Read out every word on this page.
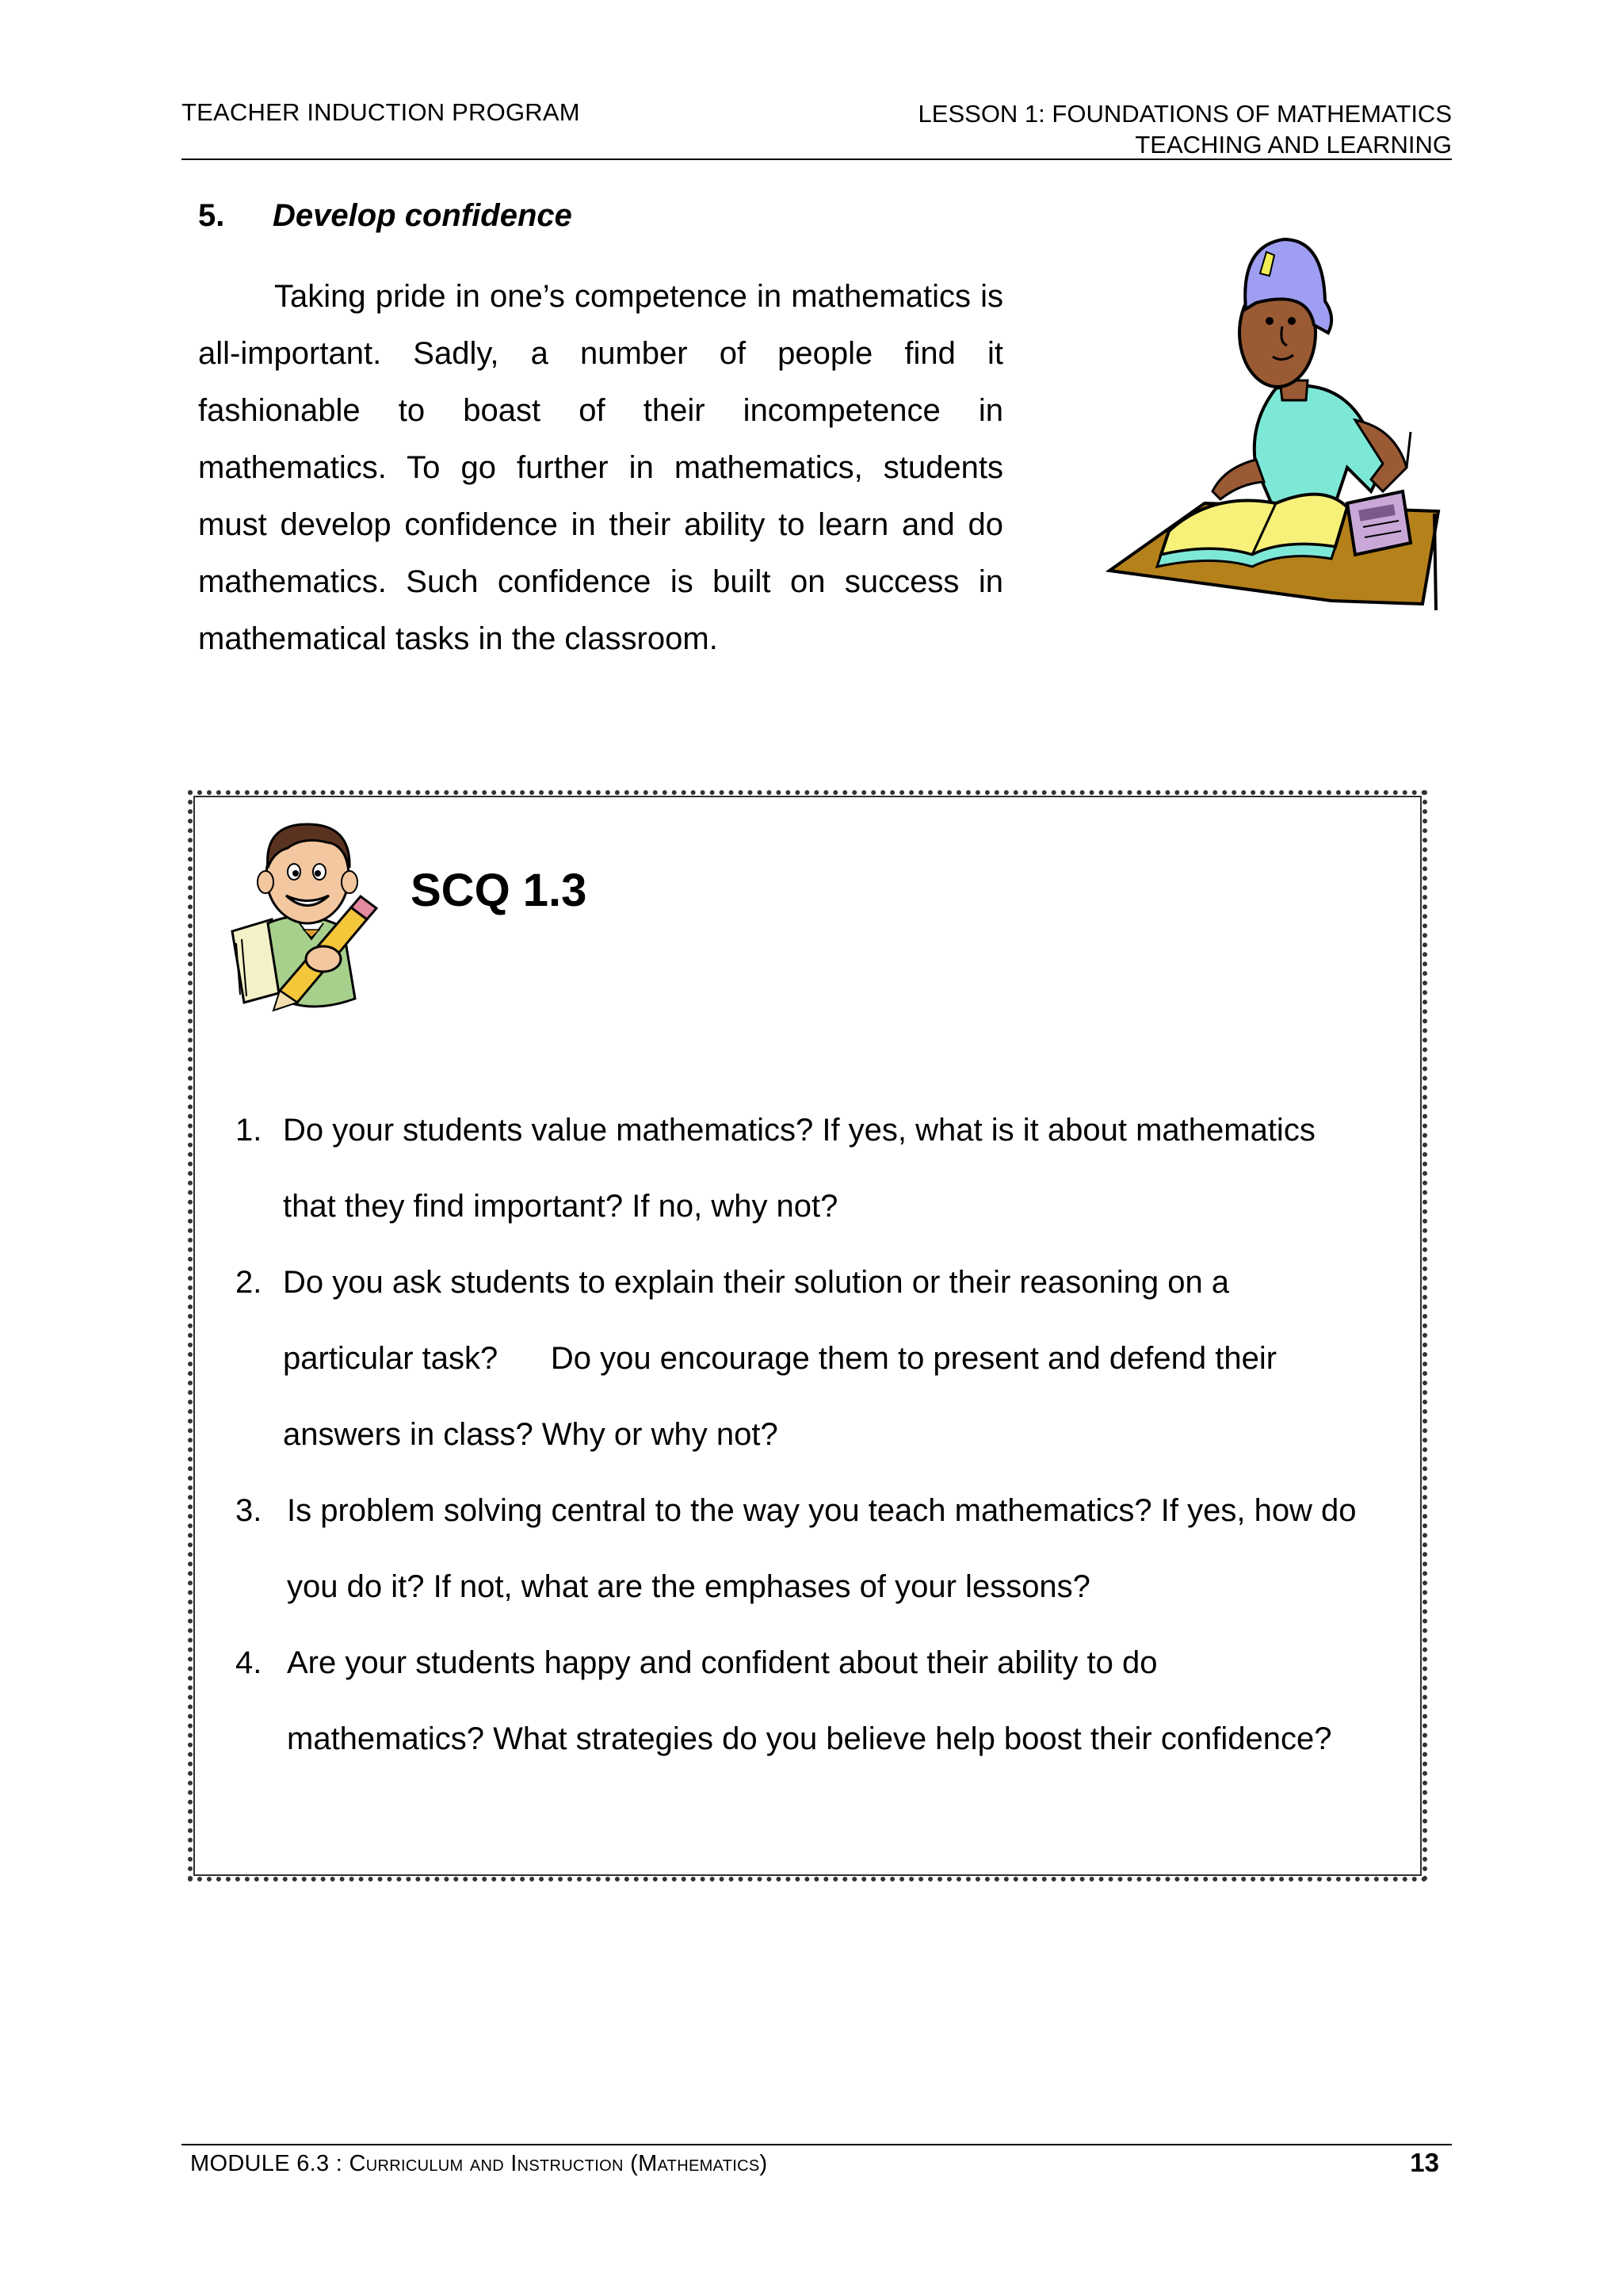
TEACHER INDUCTION PROGRAM	LESSON 1: FOUNDATIONS OF MATHEMATICS
TEACHING AND LEARNING
5. Develop confidence

Taking pride in one’s competence in mathematics is all-important. Sadly, a number of people find it fashionable to boast of their incompetence in mathematics. To go further in mathematics, students must develop confidence in their ability to learn and do mathematics. Such confidence is built on success in mathematical tasks in the classroom.

SCQ 1.3
1. Do your students value mathematics? If yes, what is it about mathematics
that they find important? If no, why not?
2. Do you ask students to explain their solution or their reasoning on a
particular task?      Do you encourage them to present and defend their
answers in class? Why or why not?
3. Is problem solving central to the way you teach mathematics? If yes, how do
you do it? If not, what are the emphases of your lessons?
4. Are your students happy and confident about their ability to do
mathematics? What strategies do you believe help boost their confidence?
MODULE 6.3 : Curriculum and Instruction (Mathematics)	13
